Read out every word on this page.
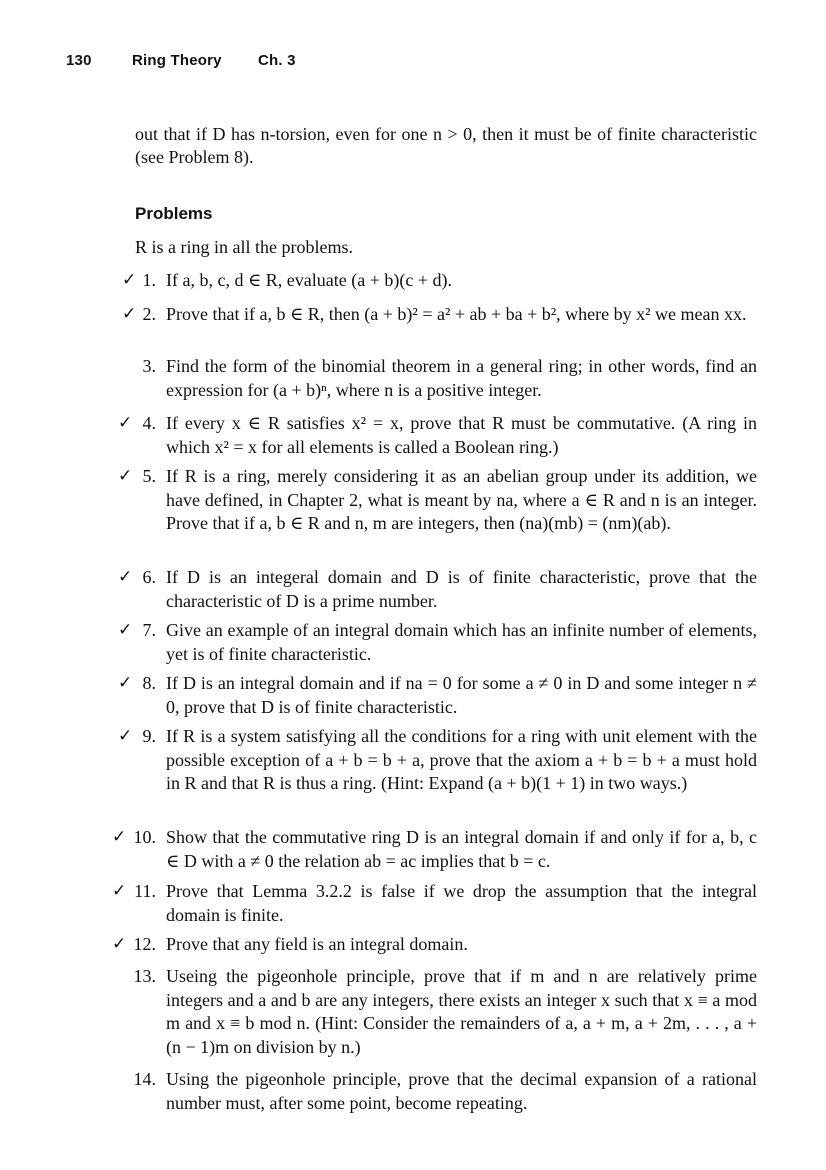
130	Ring Theory Ch. 3
out that if D has n-torsion, even for one n > 0, then it must be of finite characteristic (see Problem 8).
Problems
R is a ring in all the problems.
✓ 1. If a, b, c, d ∈ R, evaluate (a + b)(c + d).
✓ 2. Prove that if a, b ∈ R, then (a + b)² = a² + ab + ba + b², where by x² we mean xx.
3. Find the form of the binomial theorem in a general ring; in other words, find an expression for (a + b)ⁿ, where n is a positive integer.
✓ 4. If every x ∈ R satisfies x² = x, prove that R must be commutative. (A ring in which x² = x for all elements is called a Boolean ring.)
✓ 5. If R is a ring, merely considering it as an abelian group under its addition, we have defined, in Chapter 2, what is meant by na, where a ∈ R and n is an integer. Prove that if a, b ∈ R and n, m are integers, then (na)(mb) = (nm)(ab).
✓ 6. If D is an integeral domain and D is of finite characteristic, prove that the characteristic of D is a prime number.
✓ 7. Give an example of an integral domain which has an infinite number of elements, yet is of finite characteristic.
✓ 8. If D is an integral domain and if na = 0 for some a ≠ 0 in D and some integer n ≠ 0, prove that D is of finite characteristic.
✓ 9. If R is a system satisfying all the conditions for a ring with unit element with the possible exception of a + b = b + a, prove that the axiom a + b = b + a must hold in R and that R is thus a ring. (Hint: Expand (a + b)(1 + 1) in two ways.)
✓ 10. Show that the commutative ring D is an integral domain if and only if for a, b, c ∈ D with a ≠ 0 the relation ab = ac implies that b = c.
✓ 11. Prove that Lemma 3.2.2 is false if we drop the assumption that the integral domain is finite.
✓ 12. Prove that any field is an integral domain.
13. Useing the pigeonhole principle, prove that if m and n are relatively prime integers and a and b are any integers, there exists an integer x such that x ≡ a mod m and x ≡ b mod n. (Hint: Consider the remainders of a, a + m, a + 2m, . . . , a + (n − 1)m on division by n.)
14. Using the pigeonhole principle, prove that the decimal expansion of a rational number must, after some point, become repeating.
